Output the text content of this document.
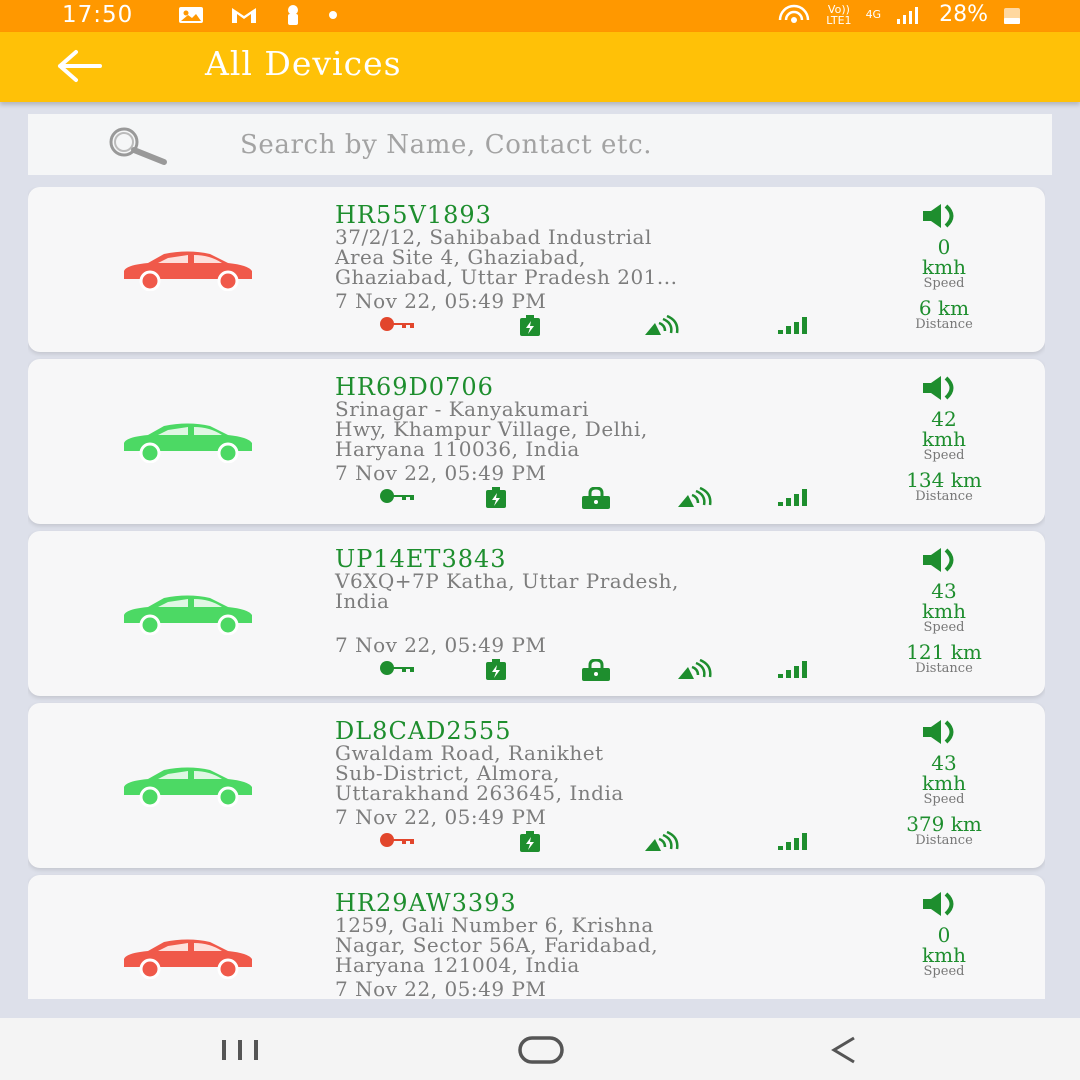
17:50	Vo))
LTE1 4G	28%
All Devices
Search by Name, Contact etc.
HR55V1893
37/2/12, Sahibabad Industrial
Area Site 4, Ghaziabad,
Ghaziabad, Uttar Pradesh 201...
7 Nov 22, 05:49 PM
0
kmh
Speed
6 km
Distance
HR69D0706
Srinagar - Kanyakumari
Hwy, Khampur Village, Delhi,
Haryana 110036, India
7 Nov 22, 05:49 PM
42
kmh
Speed
134 km
Distance
UP14ET3843
V6XQ+7P Katha, Uttar Pradesh,
India
7 Nov 22, 05:49 PM
43
kmh
Speed
121 km
Distance
DL8CAD2555
Gwaldam Road, Ranikhet
Sub-District, Almora,
Uttarakhand 263645, India
7 Nov 22, 05:49 PM
43
kmh
Speed
379 km
Distance
HR29AW3393
1259, Gali Number 6, Krishna
Nagar, Sector 56A, Faridabad,
Haryana 121004, India
7 Nov 22, 05:49 PM
0
kmh
Speed
